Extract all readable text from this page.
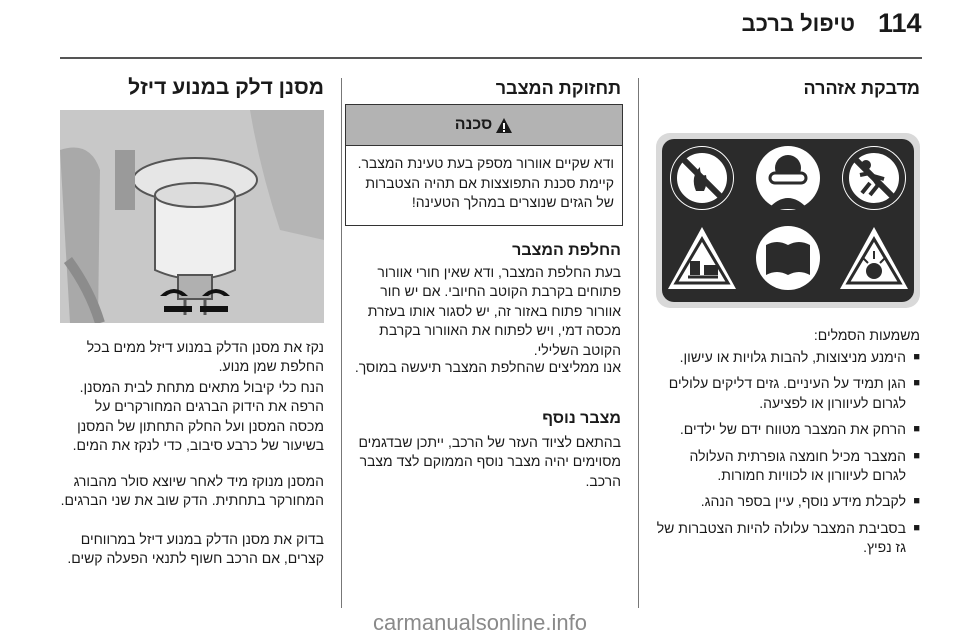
114
טיפול ברכב
מדבקת אזהרה
משמעות הסמלים:
■ הימנע מניצוצות, להבות גלויות או עישון.
■ הגן תמיד על העיניים. גזים דליקים עלולים לגרום לעיוורון או לפציעה.
■ הרחק את המצבר מטווח ידם של ילדים.
■ המצבר מכיל חומצה גופרתית העלולה לגרום לעיוורון או לכוויות חמורות.
■ לקבלת מידע נוסף, עיין בספר הנהג.
■ בסביבת המצבר עלולה להיות הצטברות של גז נפיץ.
תחזוקת המצבר
סכנה
ודא שקיים אוורור מספק בעת טעינת המצבר. קיימת סכנת התפוצצות אם תהיה הצטברות של הגזים שנוצרים במהלך הטעינה!
החלפת המצבר
בעת החלפת המצבר, ודא שאין חורי אוורור פתוחים בקרבת הקוטב החיובי. אם יש חור אוורור פתוח באזור זה, יש לסגור אותו בעזרת מכסה דמי, ויש לפתוח את האוורור בקרבת הקוטב השלילי.
אנו ממליצים שהחלפת המצבר תיעשה במוסך.
מצבר נוסף
בהתאם לציוד העזר של הרכב, ייתכן שבדגמים מסוימים יהיה מצבר נוסף הממוקם לצד מצבר הרכב.
מסנן דלק במנוע דיזל
נקז את מסנן הדלק במנוע דיזל ממים בכל החלפת שמן מנוע.
הנח כלי קיבול מתאים מתחת לבית המסנן. הרפה את הידוק הברגים המחורקרים על מכסה המסנן ועל החלק התחתון של המסנן בשיעור של כרבע סיבוב, כדי לנקז את המים.
המסנן מנוקז מיד לאחר שיוצא סולר מהבורג המחורקר בתחתית. הדק שוב את שני הברגים.
בדוק את מסנן הדלק במנוע דיזל במרווחים קצרים, אם הרכב חשוף לתנאי הפעלה קשים.
carmanualsonline.info
